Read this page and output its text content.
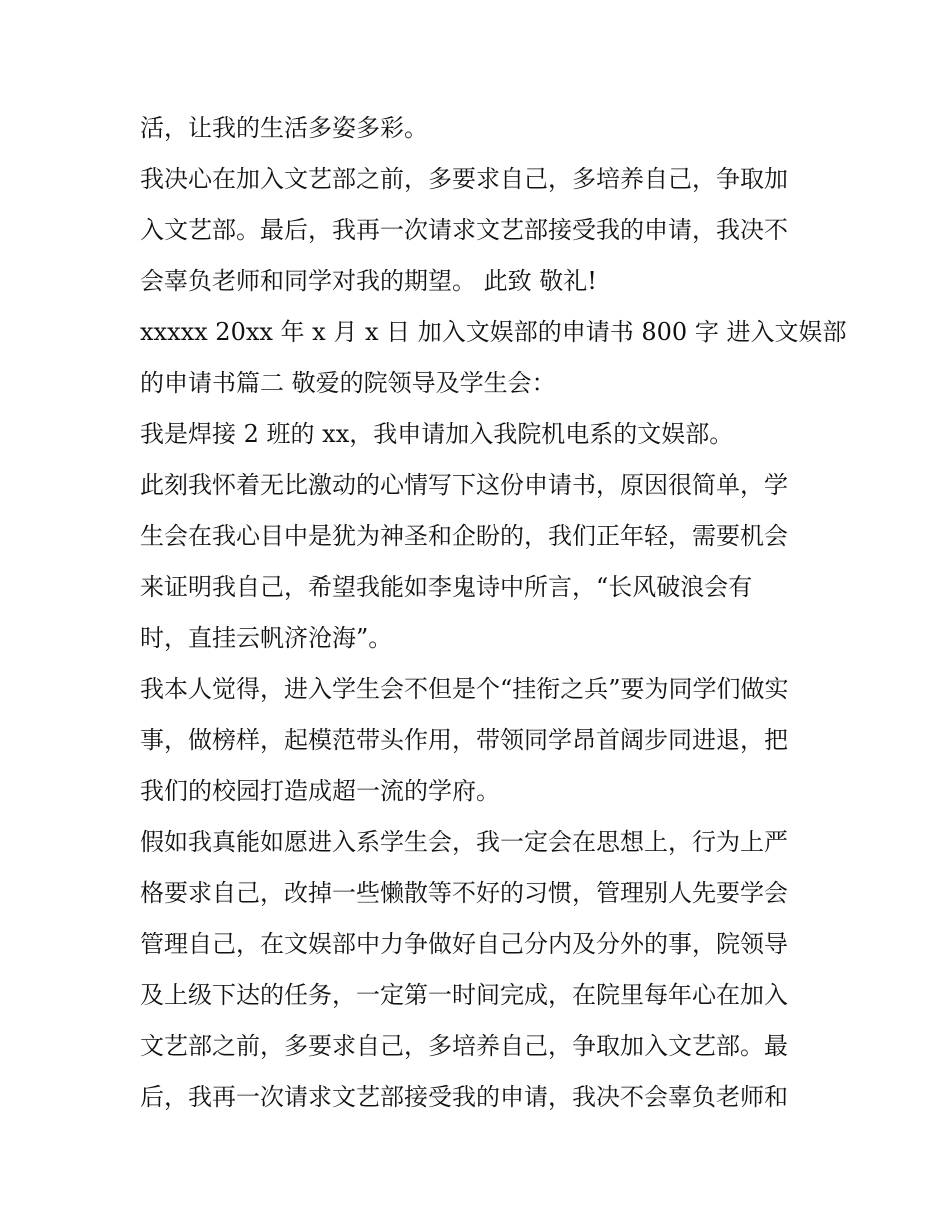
活，让我的生活多姿多彩。

我决心在加入文艺部之前，多要求自己，多培养自己，争取加

入文艺部。最后，我再一次请求文艺部接受我的申请，我决不

会辜负老师和同学对我的期望。 此致 敬礼!

xxxxx 20xx 年 x 月 x 日 加入文娱部的申请书 800 字 进入文娱部

的申请书篇二 敬爱的院领导及学生会：

我是焊接 2 班的 xx，我申请加入我院机电系的文娱部。

此刻我怀着无比激动的心情写下这份申请书，原因很简单，学

生会在我心目中是犹为神圣和企盼的，我们正年轻，需要机会

来证明我自己，希望我能如李鬼诗中所言，“长风破浪会有

时，直挂云帆济沧海”。

我本人觉得，进入学生会不但是个“挂衔之兵”要为同学们做实

事，做榜样，起模范带头作用，带领同学昂首阔步同进退，把

我们的校园打造成超一流的学府。

假如我真能如愿进入系学生会，我一定会在思想上，行为上严

格要求自己，改掉一些懒散等不好的习惯，管理别人先要学会

管理自己，在文娱部中力争做好自己分内及分外的事，院领导

及上级下达的任务，一定第一时间完成，在院里每年心在加入

文艺部之前，多要求自己，多培养自己，争取加入文艺部。最

后，我再一次请求文艺部接受我的申请，我决不会辜负老师和
